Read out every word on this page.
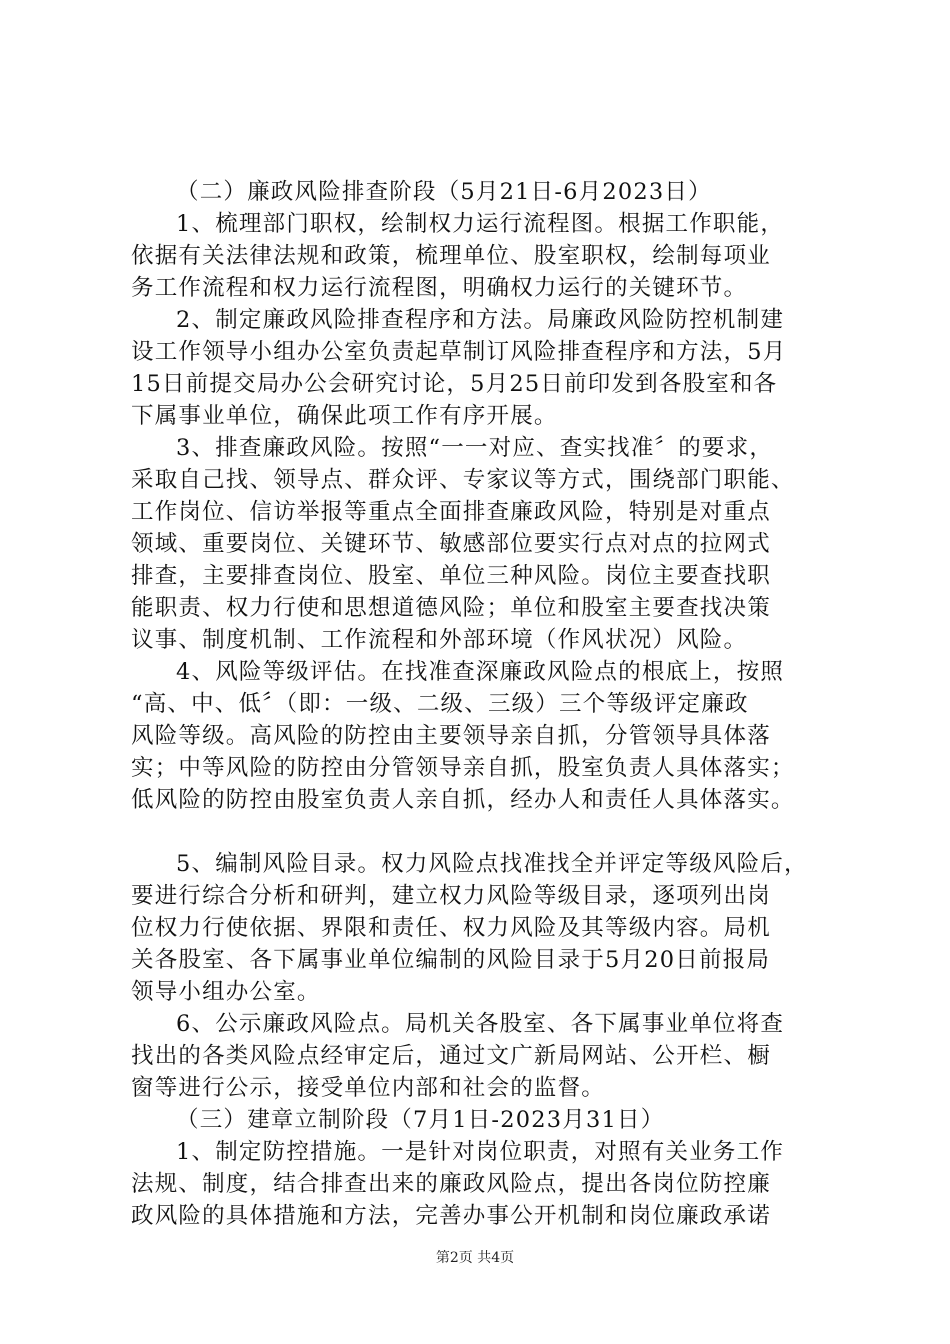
（二）廉政风险排查阶段（5月21日-6月2023日）
1、梳理部门职权，绘制权力运行流程图。根据工作职能，
依据有关法律法规和政策，梳理单位、股室职权，绘制每项业
务工作流程和权力运行流程图，明确权力运行的关键环节。
2、制定廉政风险排查程序和方法。局廉政风险防控机制建
设工作领导小组办公室负责起草制订风险排查程序和方法，5月
15日前提交局办公会研究讨论，5月25日前印发到各股室和各
下属事业单位，确保此项工作有序开展。
3、排查廉政风险。按照“一一对应、查实找准〞的要求，
采取自己找、领导点、群众评、专家议等方式，围绕部门职能、
工作岗位、信访举报等重点全面排查廉政风险，特别是对重点
领域、重要岗位、关键环节、敏感部位要实行点对点的拉网式
排查，主要排查岗位、股室、单位三种风险。岗位主要查找职
能职责、权力行使和思想道德风险；单位和股室主要查找决策
议事、制度机制、工作流程和外部环境（作风状况）风险。
4、风险等级评估。在找准查深廉政风险点的根底上，按照
“高、中、低〞（即：一级、二级、三级）三个等级评定廉政
风险等级。高风险的防控由主要领导亲自抓，分管领导具体落
实；中等风险的防控由分管领导亲自抓，股室负责人具体落实；
低风险的防控由股室负责人亲自抓，经办人和责任人具体落实。
5、编制风险目录。权力风险点找准找全并评定等级风险后，
要进行综合分析和研判，建立权力风险等级目录，逐项列出岗
位权力行使依据、界限和责任、权力风险及其等级内容。局机
关各股室、各下属事业单位编制的风险目录于5月20日前报局
领导小组办公室。
6、公示廉政风险点。局机关各股室、各下属事业单位将查
找出的各类风险点经审定后，通过文广新局网站、公开栏、橱
窗等进行公示，接受单位内部和社会的监督。
（三）建章立制阶段（7月1日-2023月31日）
1、制定防控措施。一是针对岗位职责，对照有关业务工作
法规、制度，结合排查出来的廉政风险点，提出各岗位防控廉
政风险的具体措施和方法，完善办事公开机制和岗位廉政承诺
第2页 共4页
